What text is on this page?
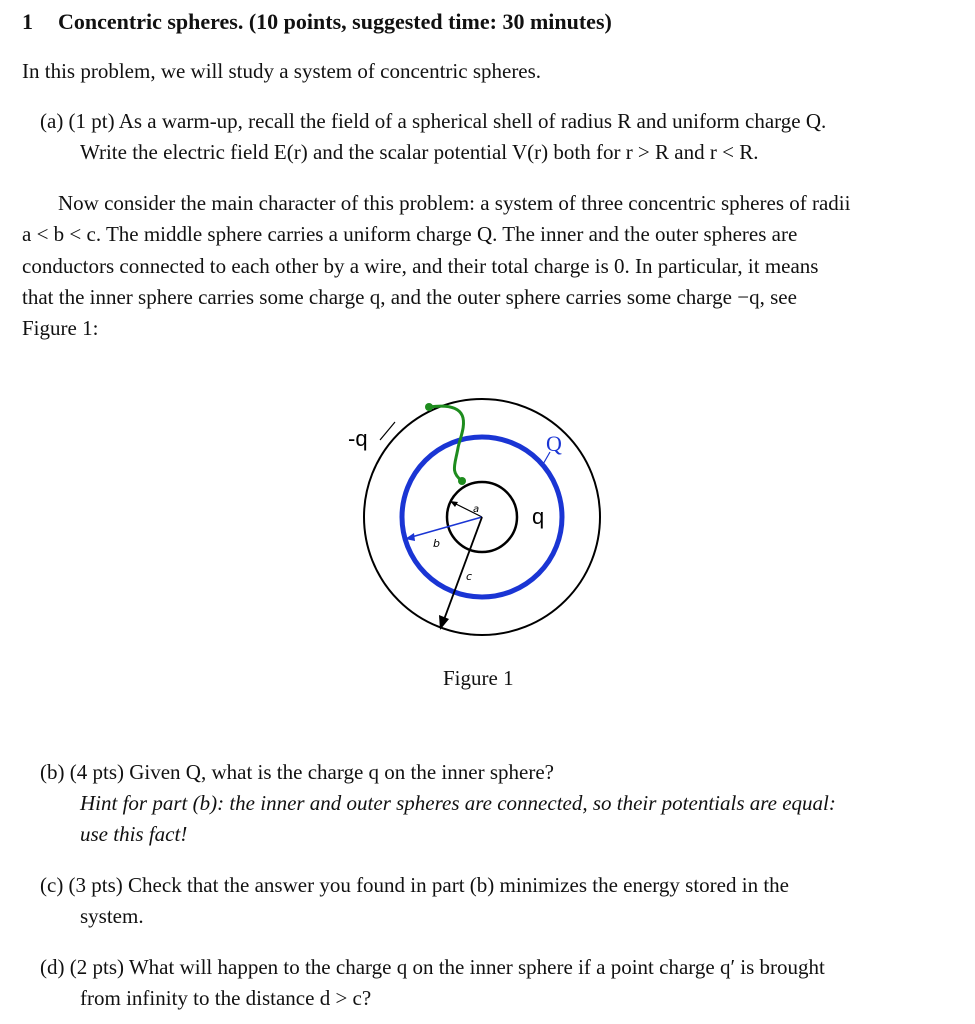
1 Concentric spheres. (10 points, suggested time: 30 minutes)
In this problem, we will study a system of concentric spheres.
(a) (1 pt) As a warm-up, recall the field of a spherical shell of radius R and uniform charge Q.
Write the electric field E(r) and the scalar potential V(r) both for r > R and r < R.
Now consider the main character of this problem: a system of three concentric spheres of radii
a < b < c. The middle sphere carries a uniform charge Q. The inner and the outer spheres are
conductors connected to each other by a wire, and their total charge is 0. In particular, it means
that the inner sphere carries some charge q, and the outer sphere carries some charge −q, see
Figure 1:
-q	Q
q
a
b
c
Figure 1
(b) (4 pts) Given Q, what is the charge q on the inner sphere?
Hint for part (b): the inner and outer spheres are connected, so their potentials are equal:
use this fact!
(c) (3 pts) Check that the answer you found in part (b) minimizes the energy stored in the
system.
(d) (2 pts) What will happen to the charge q on the inner sphere if a point charge q′ is brought
from infinity to the distance d > c?
